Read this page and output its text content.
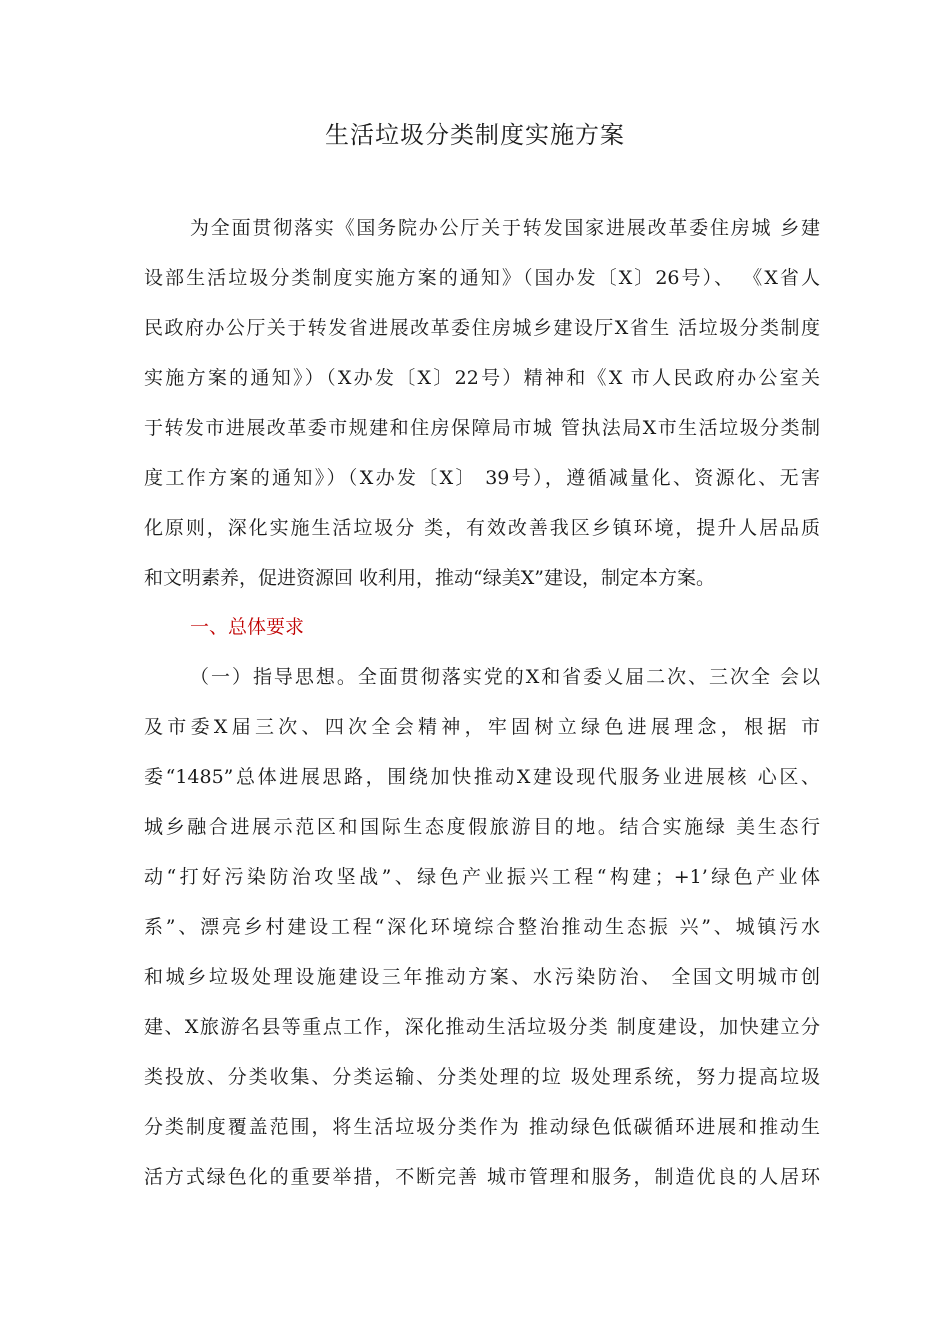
生活垃圾分类制度实施方案
为全面贯彻落实《国务院办公厅关于转发国家进展改革委住房城 乡建
设部生活垃圾分类制度实施方案的通知》（国办发〔X〕26号）、 《X省人
民政府办公厅关于转发省进展改革委住房城乡建设厅X省生 活垃圾分类制度
实施方案的通知》）（X办发〔X〕22号）精神和《X 市人民政府办公室关
于转发市进展改革委市规建和住房保障局市城 管执法局X市生活垃圾分类制
度工作方案的通知》）（X办发〔X〕 39号），遵循减量化、资源化、无害
化原则，深化实施生活垃圾分 类，有效改善我区乡镇环境，提升人居品质
和文明素养，促进资源回 收利用，推动“绿美X”建设，制定本方案。
一、总体要求
（一）指导思想。全面贯彻落实党的X和省委乂届二次、三次全 会以
及市委X届三次、四次全会精神，牢固树立绿色进展理念，根据 市
委“1485”总体进展思路，围绕加快推动X建设现代服务业进展核 心区、
城乡融合进展示范区和国际生态度假旅游目的地。结合实施绿 美生态行
动“打好污染防治攻坚战”、绿色产业振兴工程“构建；+1’绿色产业体
系”、漂亮乡村建设工程“深化环境综合整治推动生态振 兴”、城镇污水
和城乡垃圾处理设施建设三年推动方案、水污染防治、 全国文明城市创
建、X旅游名县等重点工作，深化推动生活垃圾分类 制度建设，加快建立分
类投放、分类收集、分类运输、分类处理的垃 圾处理系统，努力提高垃圾
分类制度覆盖范围，将生活垃圾分类作为 推动绿色低碳循环进展和推动生
活方式绿色化的重要举措，不断完善 城市管理和服务，制造优良的人居环
